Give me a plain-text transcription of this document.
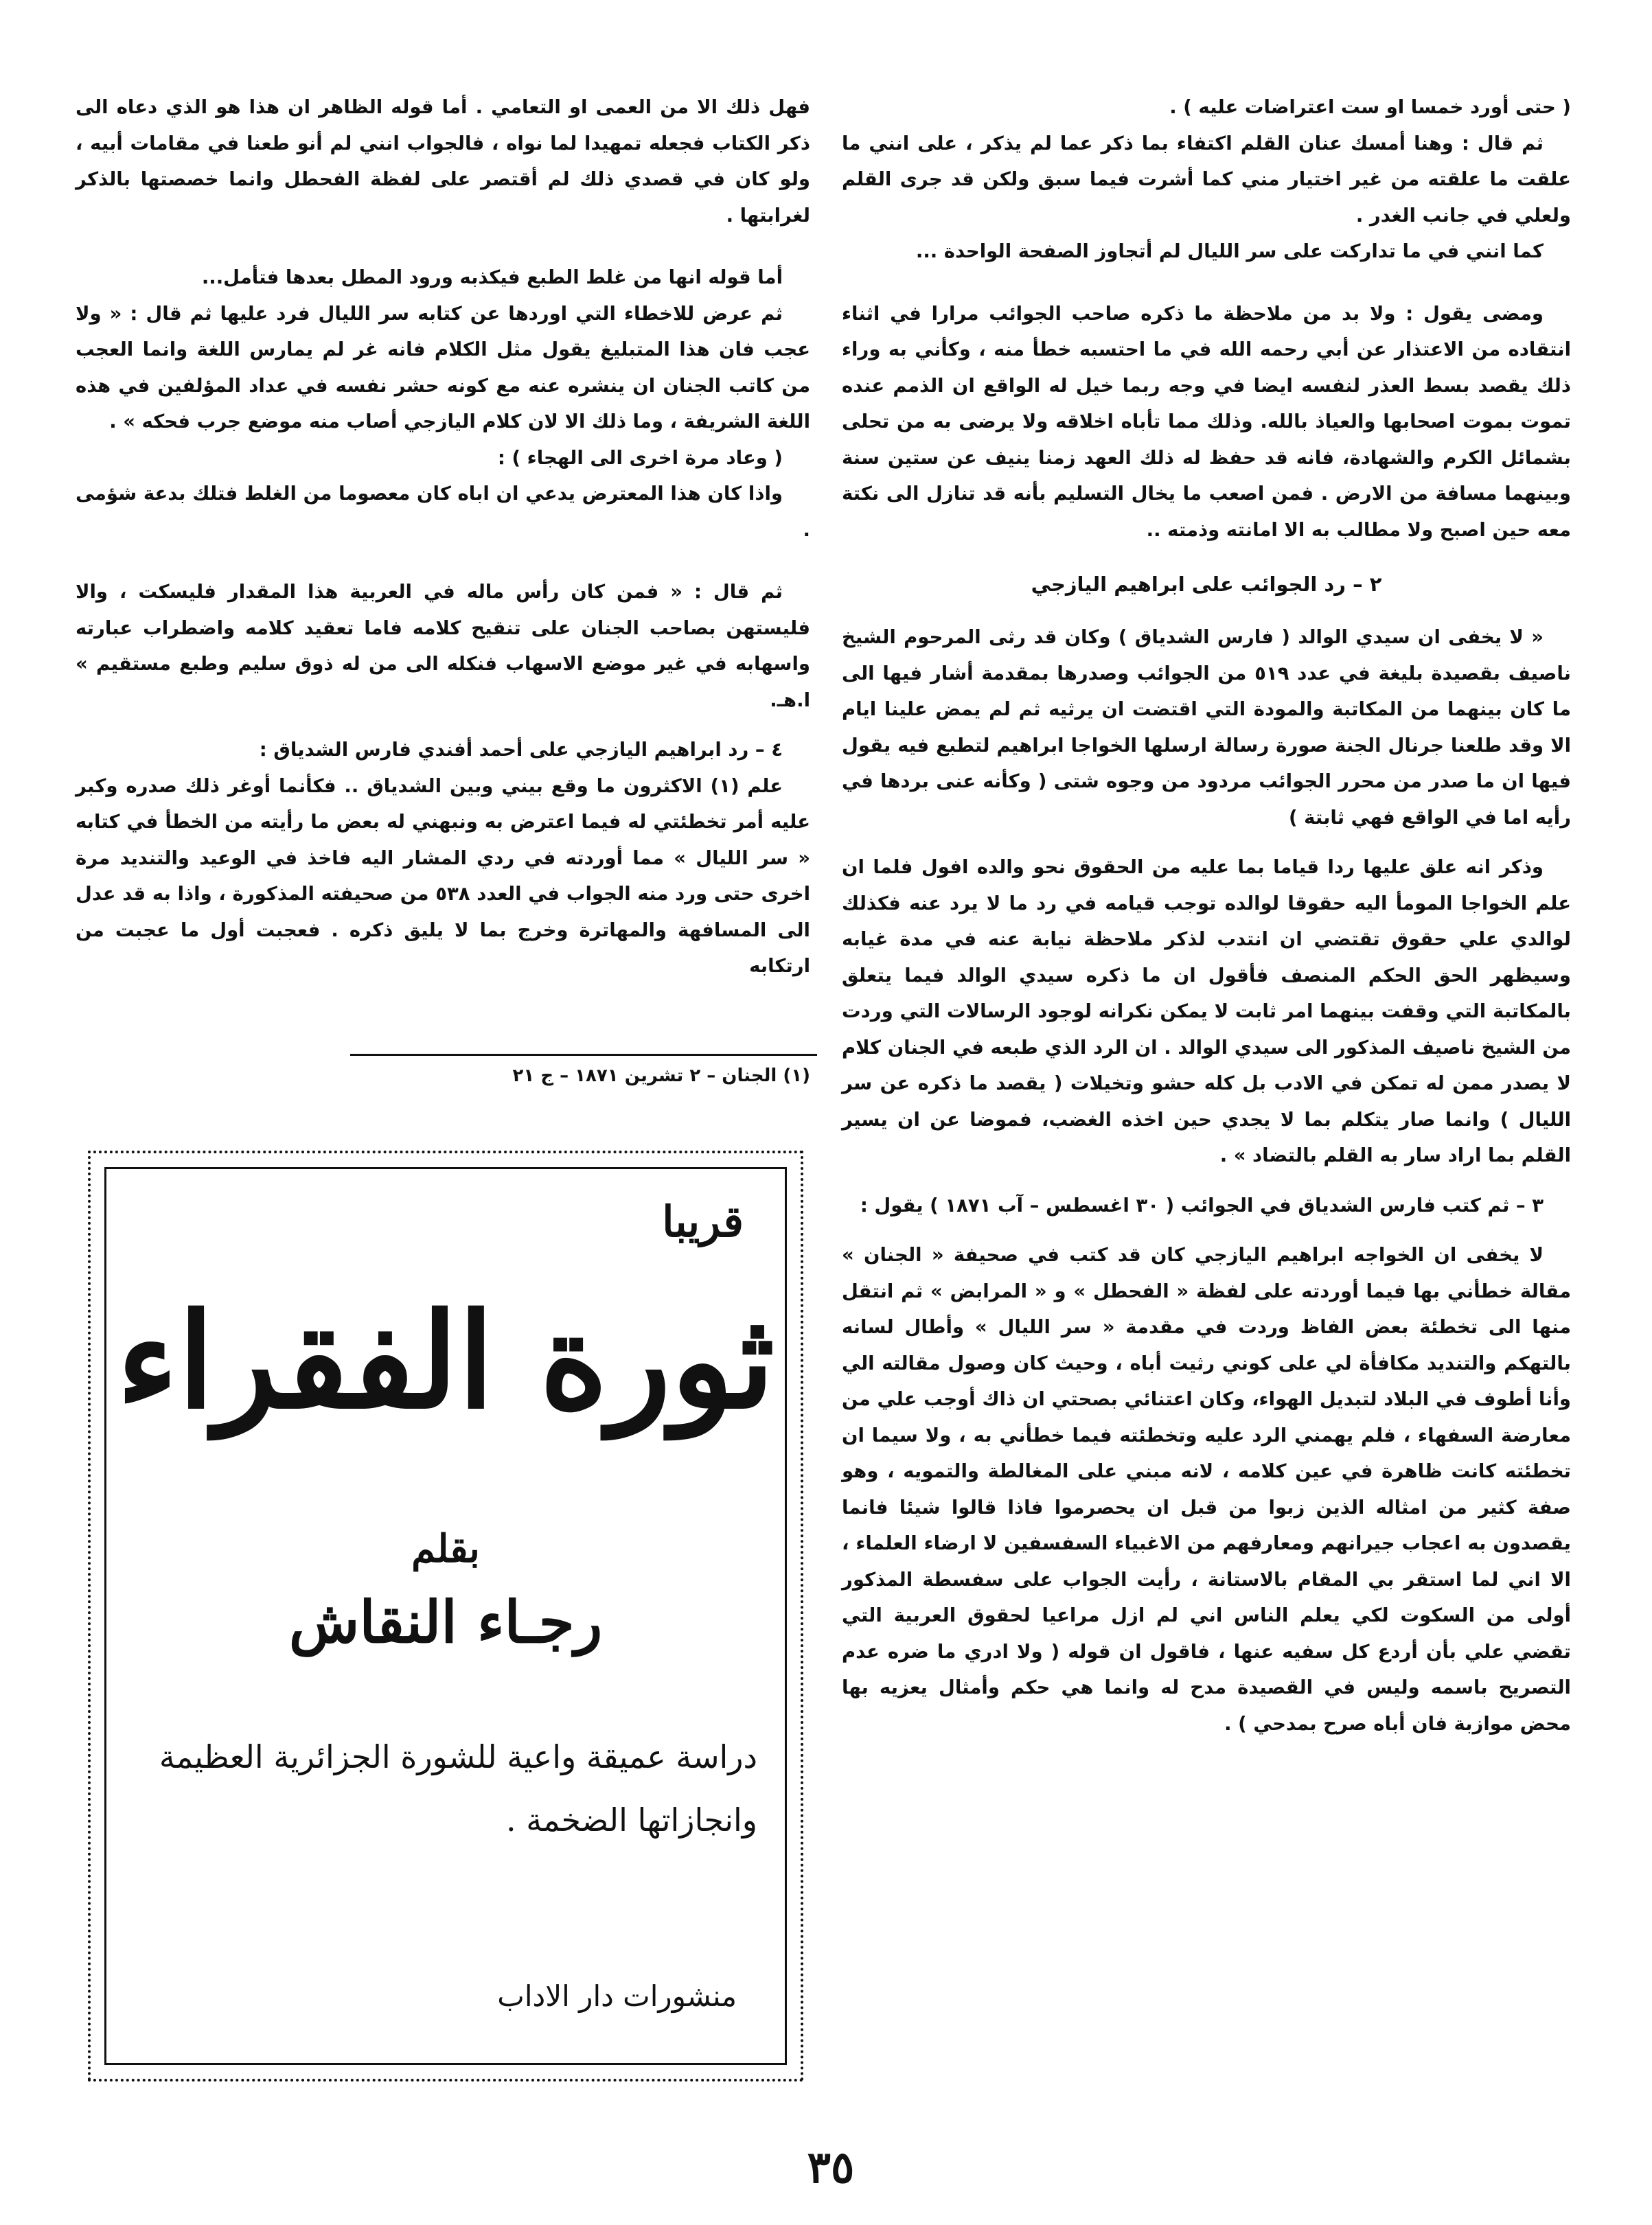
( حتى أورد خمسا او ست اعتراضات عليه ) .

ثم قال : وهنا أمسك عنان القلم اكتفاء بما ذكر عما لم يذكر ، على انني ما علقت ما علقته من غير اختيار مني كما أشرت فيما سبق ولكن قد جرى القلم ولعلي في جانب الغدر .

كما انني في ما تداركت على سر الليال لم أتجاوز الصفحة الواحدة ...

ومضى يقول : ولا بد من ملاحظة ما ذكره صاحب الجوائب مرارا في اثناء انتقاده من الاعتذار عن أبي رحمه الله في ما احتسبه خطأ منه ، وكأني به وراء ذلك يقصد بسط العذر لنفسه ايضا في وجه ربما خيل له الواقع ان الذمم عنده تموت بموت اصحابها والعياذ بالله. وذلك مما تأباه اخلاقه ولا يرضى به من تحلى بشمائل الكرم والشهادة، فانه قد حفظ له ذلك العهد زمنا ينيف عن ستين سنة وبينهما مسافة من الارض . فمن اصعب ما يخال التسليم بأنه قد تنازل الى نكتة معه حين اصبح ولا مطالب به الا امانته وذمته ..

٢ – رد الجوائب على ابراهيم اليازجي

« لا يخفى ان سيدي الوالد ( فارس الشدياق ) وكان قد رثى المرحوم الشيخ ناصيف بقصيدة بليغة في عدد ٥١٩ من الجوائب وصدرها بمقدمة أشار فيها الى ما كان بينهما من المكاتبة والمودة التي اقتضت ان يرثيه ثم لم يمض علينا ايام الا وقد طلعنا جرنال الجنة صورة رسالة ارسلها الخواجا ابراهيم لتطبع فيه يقول فيها ان ما صدر من محرر الجوائب مردود من وجوه شتى ( وكأنه عنى بردها في رأيه اما في الواقع فهي ثابتة )

وذكر انه علق عليها ردا قياما بما عليه من الحقوق نحو والده افول فلما ان علم الخواجا المومأ اليه حقوقا لوالده توجب قيامه في رد ما لا يرد عنه فكذلك لوالدي علي حقوق تقتضي ان انتدب لذكر ملاحظة نيابة عنه في مدة غيابه وسيظهر الحق الحكم المنصف فأقول ان ما ذكره سيدي الوالد فيما يتعلق بالمكاتبة التي وقفت بينهما امر ثابت لا يمكن نكرانه لوجود الرسالات التي وردت من الشيخ ناصيف المذكور الى سيدي الوالد . ان الرد الذي طبعه في الجنان كلام لا يصدر ممن له تمكن في الادب بل كله حشو وتخيلات ( يقصد ما ذكره عن سر الليال ) وانما صار يتكلم بما لا يجدي حين اخذه الغضب، فموضا عن ان يسير القلم بما اراد سار به القلم بالتضاد » .

٣ – ثم كتب فارس الشدياق في الجوائب ( ٣٠ اغسطس – آب ١٨٧١ ) يقول :

لا يخفى ان الخواجه ابراهيم اليازجي كان قد كتب في صحيفة « الجنان » مقالة خطأني بها فيما أوردته على لفظة « الفحطل » و « المرابض » ثم انتقل منها الى تخطئة بعض الفاظ وردت في مقدمة « سر الليال » وأطال لسانه بالتهكم والتنديد مكافأة لي على كوني رثيت أباه ، وحيث كان وصول مقالته الي وأنا أطوف في البلاد لتبديل الهواء، وكان اعتنائي بصحتي ان ذاك أوجب علي من معارضة السفهاء ، فلم يهمني الرد عليه وتخطئته فيما خطأني به ، ولا سيما ان تخطئته كانت ظاهرة في عين كلامه ، لانه مبني على المغالطة والتمويه ، وهو صفة كثير من امثاله الذين زبوا من قبل ان يحصرموا فاذا قالوا شيئا فانما يقصدون به اعجاب جيرانهم ومعارفهم من الاغبياء السفسفين لا ارضاء العلماء ، الا اني لما استقر بي المقام بالاستانة ، رأيت الجواب على سفسطة المذكور أولى من السكوت لكي يعلم الناس اني لم ازل مراعيا لحقوق العربية التي تقضي علي بأن أردع كل سفيه عنها ، فاقول ان قوله ( ولا ادري ما ضره عدم التصريح باسمه وليس في القصيدة مدح له وانما هي حكم وأمثال يعزيه بها محض موازبة فان أباه صرح بمدحي ) .

فهل ذلك الا من العمى او التعامي . أما قوله الظاهر ان هذا هو الذي دعاه الى ذكر الكتاب فجعله تمهيدا لما نواه ، فالجواب انني لم أنو طعنا في مقامات أبيه ، ولو كان في قصدي ذلك لم أقتصر على لفظة الفحطل وانما خصصتها بالذكر لغرابتها .

أما قوله انها من غلط الطبع فيكذبه ورود المطل بعدها فتأمل...

ثم عرض للاخطاء التي اوردها عن كتابه سر الليال فرد عليها ثم قال : « ولا عجب فان هذا المتبليغ يقول مثل الكلام فانه غر لم يمارس اللغة وانما العجب من كاتب الجنان ان ينشره عنه مع كونه حشر نفسه في عداد المؤلفين في هذه اللغة الشريفة ، وما ذلك الا لان كلام اليازجي أصاب منه موضع جرب فحكه » .

( وعاد مرة اخرى الى الهجاء ) :

واذا كان هذا المعترض يدعي ان اباه كان معصوما من الغلط فتلك بدعة شؤمى .

ثم قال : « فمن كان رأس ماله في العربية هذا المقدار فليسكت ، والا فليستهن بصاحب الجنان على تنقيح كلامه فاما تعقيد كلامه واضطراب عبارته واسهابه في غير موضع الاسهاب فنكله الى من له ذوق سليم وطبع مستقيم » ا.هـ.

٤ – رد ابراهيم اليازجي على أحمد أفندي فارس الشدياق :

علم (١) الاكثرون ما وقع بيني وبين الشدياق .. فكأنما أوغر ذلك صدره وكبر عليه أمر تخطئتي له فيما اعترض به ونبهني له بعض ما رأيته من الخطأ في كتابه « سر الليال » مما أوردته في ردي المشار اليه فاخذ في الوعيد والتنديد مرة اخرى حتى ورد منه الجواب في العدد ٥٣٨ من صحيفته المذكورة ، واذا به قد عدل الى المسافهة والمهاترة وخرج بما لا يليق ذكره . فعجبت أول ما عجبت من ارتكابه

(١) الجنان – ٢ تشرين ١٨٧١ – ج ٢١
قريبا
ثورة الفقراء
بقلم
رجـاء النقاش
دراسة عميقة واعية للشورة الجزائرية العظيمة وانجازاتها الضخمة .
منشورات دار الاداب
٣٥
